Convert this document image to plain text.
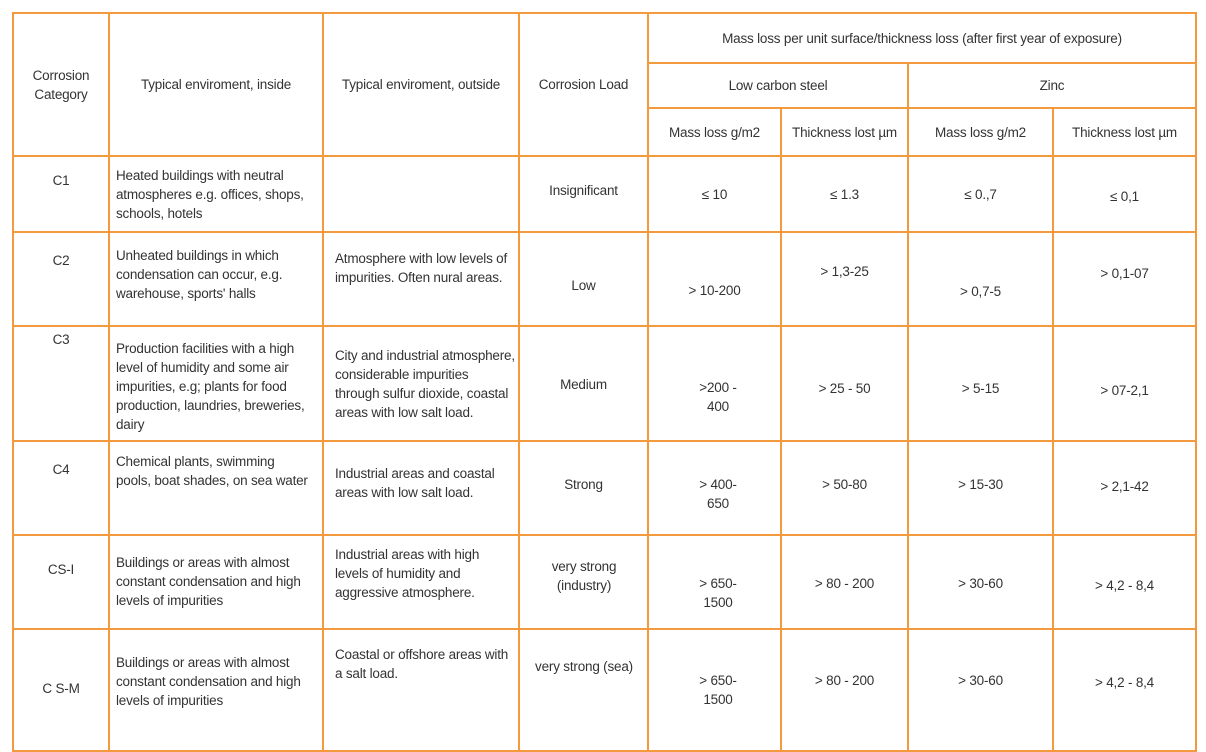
Corrosion Category	Typical enviroment, inside	Typical enviroment, outside	Corrosion Load	Mass loss per unit surface/thickness loss (after first year of exposure)			
				Low carbon steel		Zinc	
				Mass loss g/m2	Thickness lost µm	Mass loss g/m2	Thickness lost µm

C1	Heated buildings with neutral atmospheres e.g. offices, shops, schools, hotels		Insignificant	≤ 10	≤ 1.3	≤ 0.,7	≤ 0,1

C2	Unheated buildings in which condensation can occur, e.g. warehouse, sports' halls	Atmosphere with low levels of impurities. Often nural areas.	Low	> 10-200	> 1,3-25	> 0,7-5	> 0,1-07

C3	Production facilities with a high level of humidity and some air impurities, e.g; plants for food production, laundries, breweries, dairy	City and industrial atmosphere, considerable impurities through sulfur dioxide, coastal areas with low salt load.	Medium	>200 - 400	> 25 - 50	> 5-15	> 07-2,1

C4	Chemical plants, swimming pools, boat shades, on sea water	Industrial areas and coastal areas with low salt load.	Strong	> 400- 650	> 50-80	> 15-30	> 2,1-42

CS-I	Buildings or areas with almost constant condensation and high levels of impurities	Industrial areas with high levels of humidity and aggressive atmosphere.	very strong (industry)	> 650- 1500	> 80 - 200	> 30-60	> 4,2 - 8,4

C S-M	Buildings or areas with almost constant condensation and high levels of impurities	Coastal or offshore areas with a salt load.	very strong (sea)	> 650- 1500	> 80 - 200	> 30-60	> 4,2 - 8,4
